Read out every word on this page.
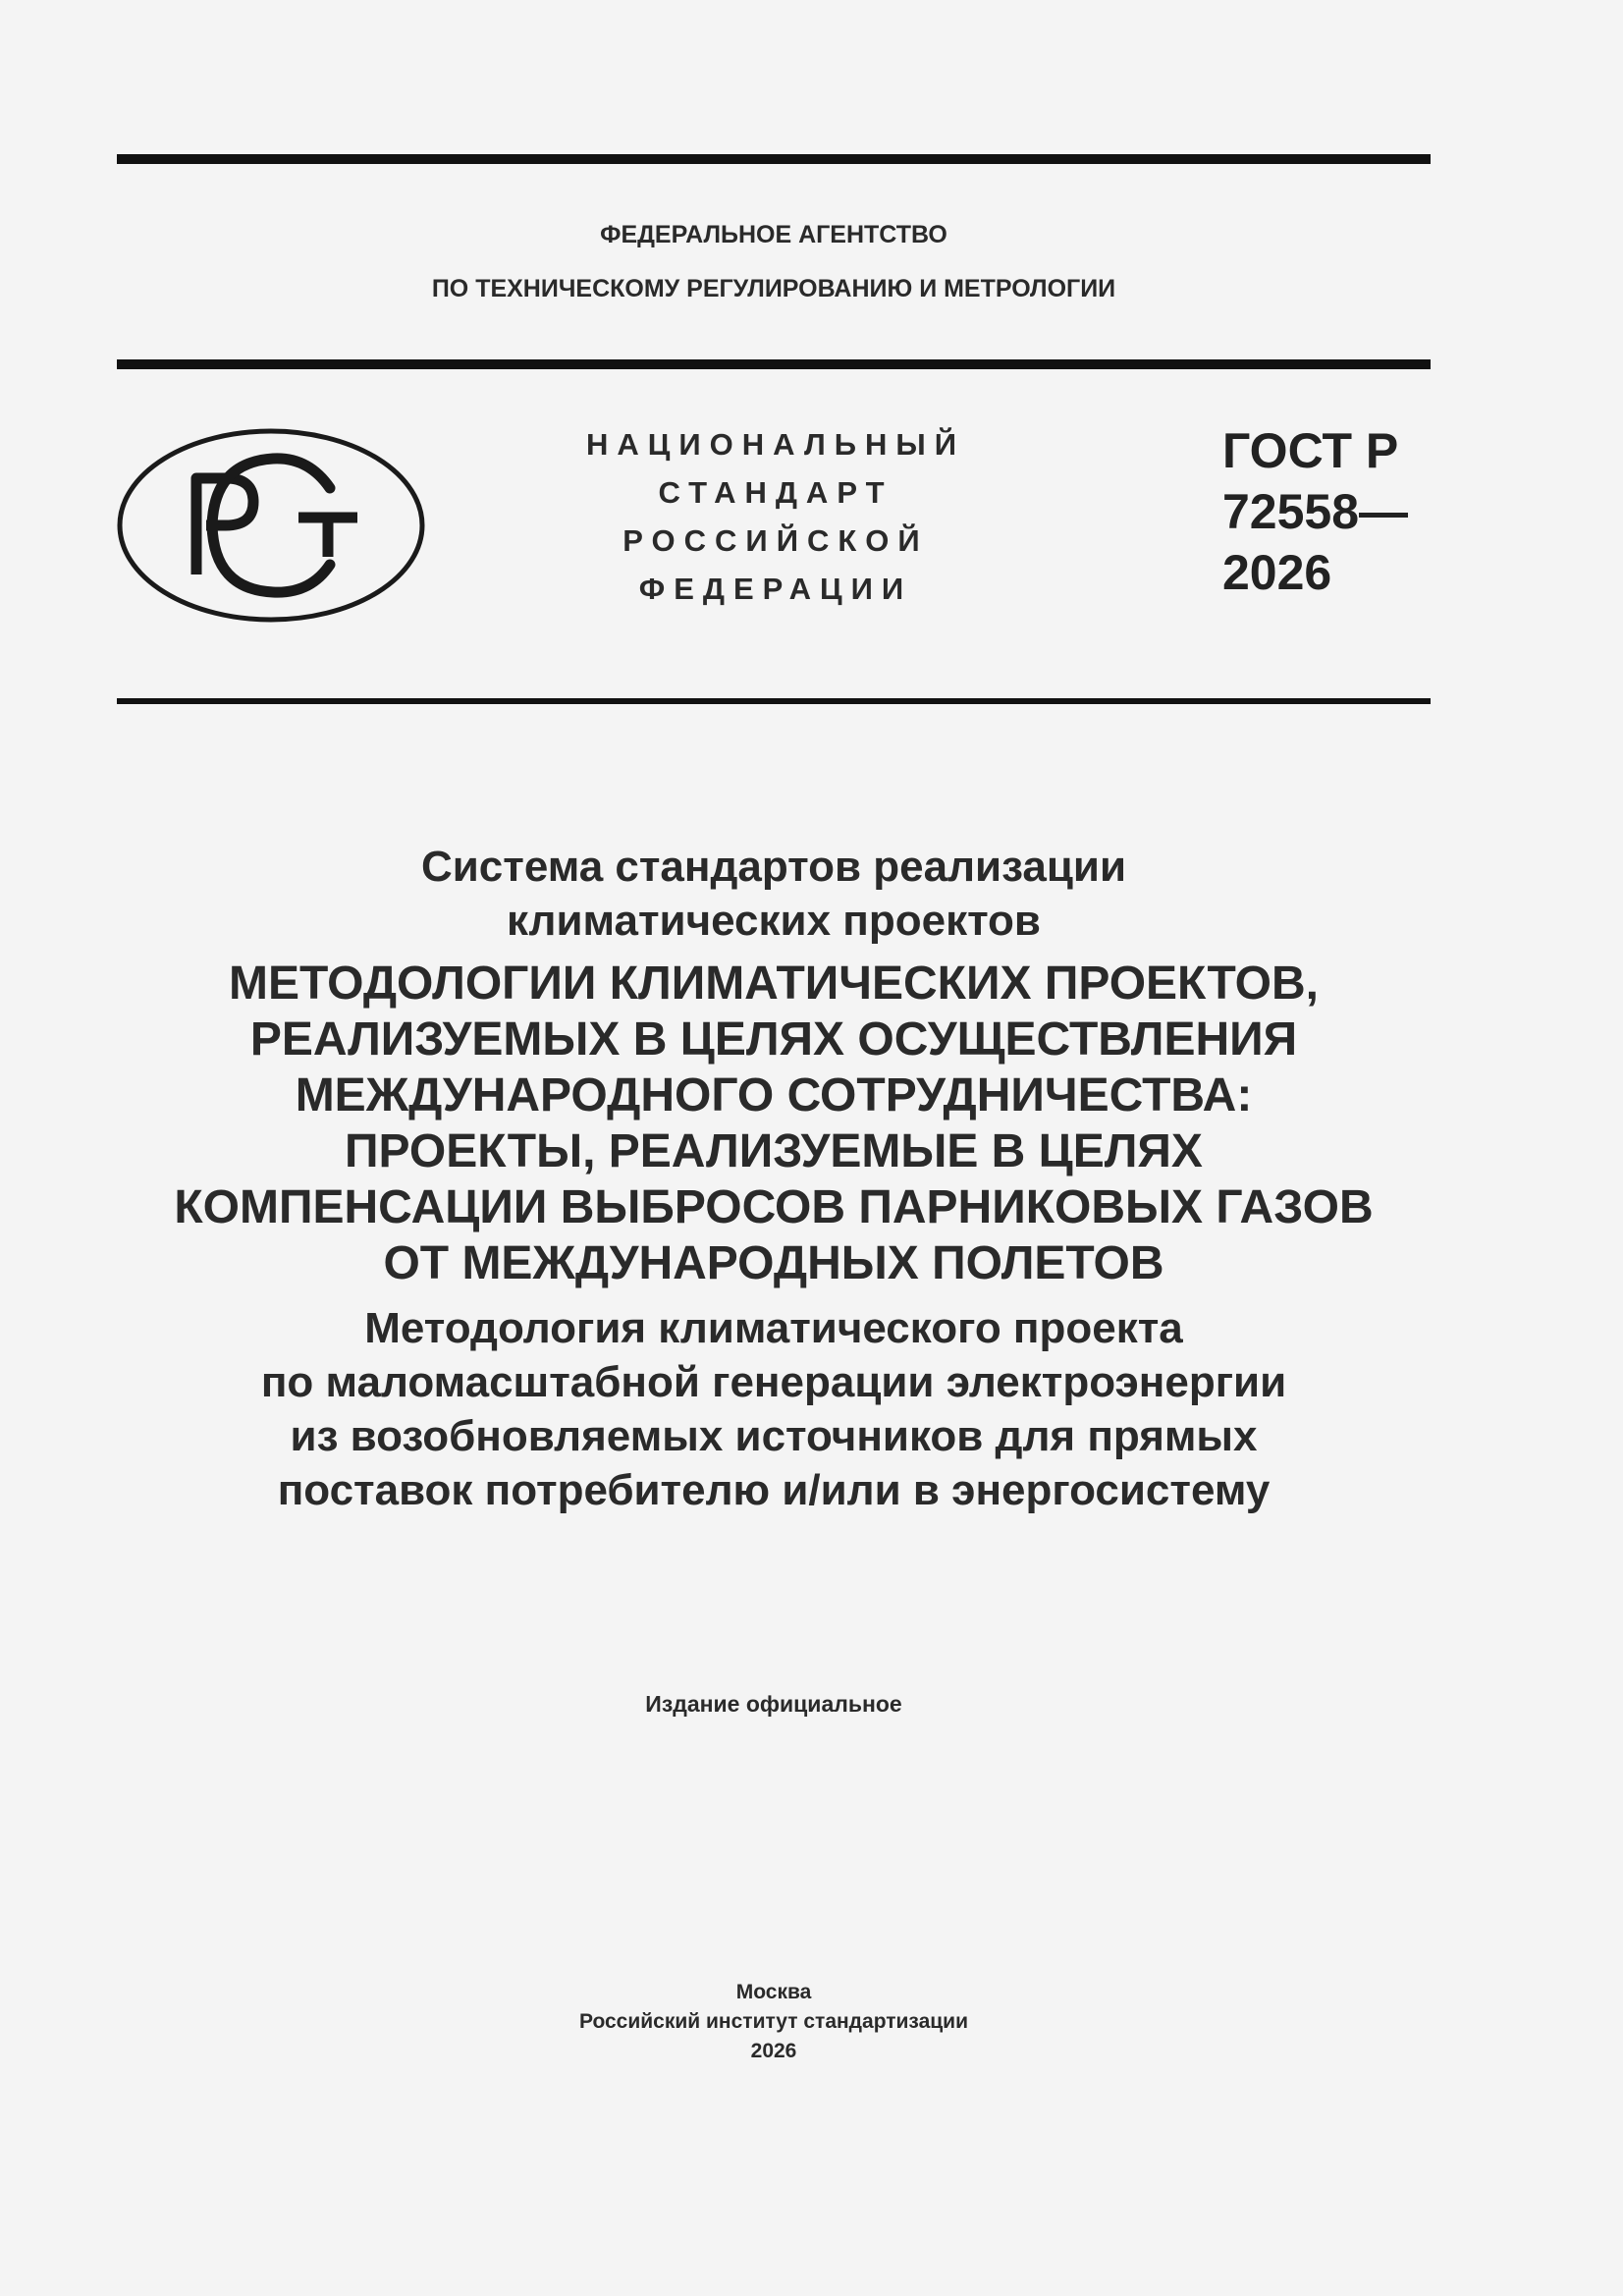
ФЕДЕРАЛЬНОЕ АГЕНТСТВО
ПО ТЕХНИЧЕСКОМУ РЕГУЛИРОВАНИЮ И МЕТРОЛОГИИ
НАЦИОНАЛЬНЫЙ
СТАНДАРТ
РОССИЙСКОЙ
ФЕДЕРАЦИИ
ГОСТ Р
72558—
2026
Система стандартов реализации
климатических проектов
МЕТОДОЛОГИИ КЛИМАТИЧЕСКИХ ПРОЕКТОВ,
РЕАЛИЗУЕМЫХ В ЦЕЛЯХ ОСУЩЕСТВЛЕНИЯ
МЕЖДУНАРОДНОГО СОТРУДНИЧЕСТВА:
ПРОЕКТЫ, РЕАЛИЗУЕМЫЕ В ЦЕЛЯХ
КОМПЕНСАЦИИ ВЫБРОСОВ ПАРНИКОВЫХ ГАЗОВ
ОТ МЕЖДУНАРОДНЫХ ПОЛЕТОВ
Методология климатического проекта
по маломасштабной генерации электроэнергии
из возобновляемых источников для прямых
поставок потребителю и/или в энергосистему
Издание официальное
Москва
Российский институт стандартизации
2026
